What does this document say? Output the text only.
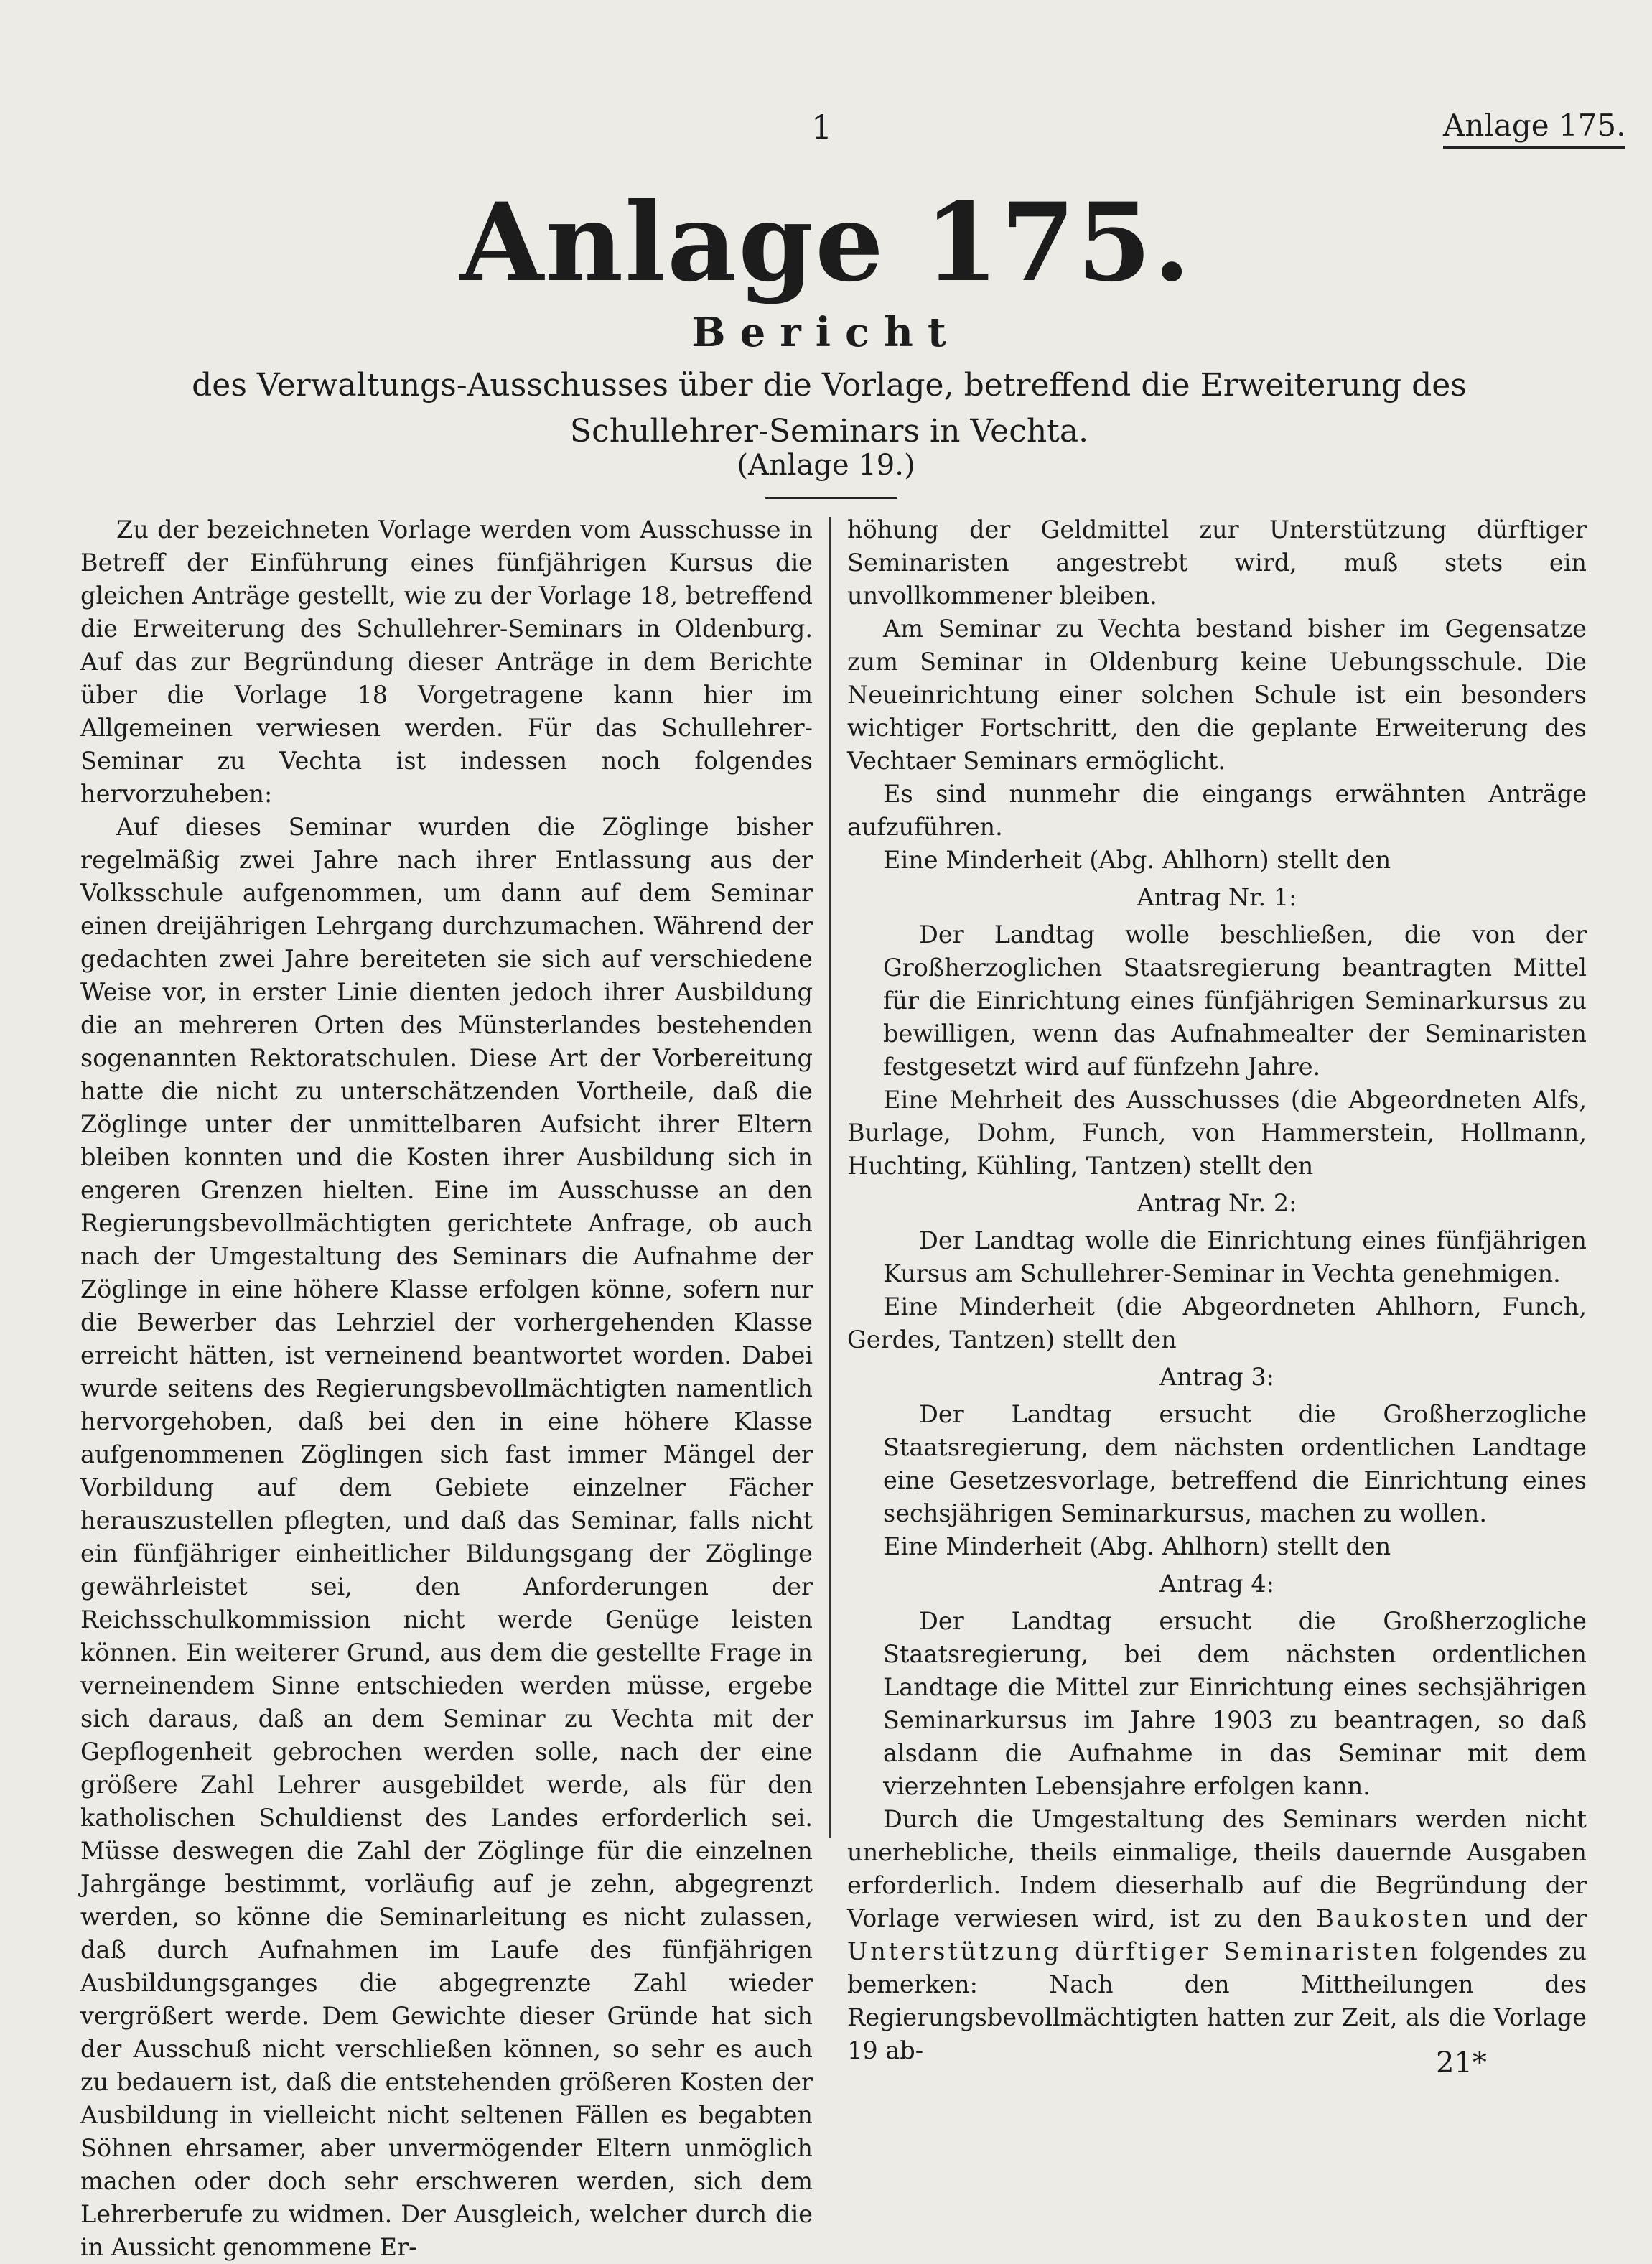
1	Anlage 175.
Anlage 175.
Bericht
des Verwaltungs-Ausschusses über die Vorlage, betreffend die Erweiterung des Schullehrer-Seminars in Vechta.
(Anlage 19.)

Zu der bezeichneten Vorlage werden vom Ausschusse in Betreff der Einführung eines fünfjährigen Kursus die gleichen Anträge gestellt, wie zu der Vorlage 18, betreffend die Erweiterung des Schullehrer-Seminars in Oldenburg. Auf das zur Begründung dieser Anträge in dem Berichte über die Vorlage 18 Vorgetragene kann hier im Allgemeinen verwiesen werden. Für das Schullehrer-Seminar zu Vechta ist indessen noch folgendes hervorzuheben:

Auf dieses Seminar wurden die Zöglinge bisher regelmäßig zwei Jahre nach ihrer Entlassung aus der Volksschule aufgenommen, um dann auf dem Seminar einen dreijährigen Lehrgang durchzumachen. Während der gedachten zwei Jahre bereiteten sie sich auf verschiedene Weise vor, in erster Linie dienten jedoch ihrer Ausbildung die an mehreren Orten des Münsterlandes bestehenden sogenannten Rektoratschulen. Diese Art der Vorbereitung hatte die nicht zu unterschätzenden Vortheile, daß die Zöglinge unter der unmittelbaren Aufsicht ihrer Eltern bleiben konnten und die Kosten ihrer Ausbildung sich in engeren Grenzen hielten. Eine im Ausschusse an den Regierungsbevollmächtigten gerichtete Anfrage, ob auch nach der Umgestaltung des Seminars die Aufnahme der Zöglinge in eine höhere Klasse erfolgen könne, sofern nur die Bewerber das Lehrziel der vorhergehenden Klasse erreicht hätten, ist verneinend beantwortet worden. Dabei wurde seitens des Regierungsbevollmächtigten namentlich hervorgehoben, daß bei den in eine höhere Klasse aufgenommenen Zöglingen sich fast immer Mängel der Vorbildung auf dem Gebiete einzelner Fächer herauszustellen pflegten, und daß das Seminar, falls nicht ein fünfjähriger einheitlicher Bildungsgang der Zöglinge gewährleistet sei, den Anforderungen der Reichsschulkommission nicht werde Genüge leisten können. Ein weiterer Grund, aus dem die gestellte Frage in verneinendem Sinne entschieden werden müsse, ergebe sich daraus, daß an dem Seminar zu Vechta mit der Gepflogenheit gebrochen werden solle, nach der eine größere Zahl Lehrer ausgebildet werde, als für den katholischen Schuldienst des Landes erforderlich sei. Müsse deswegen die Zahl der Zöglinge für die einzelnen Jahrgänge bestimmt, vorläufig auf je zehn, abgegrenzt werden, so könne die Seminarleitung es nicht zulassen, daß durch Aufnahmen im Laufe des fünfjährigen Ausbildungsganges die abgegrenzte Zahl wieder vergrößert werde. Dem Gewichte dieser Gründe hat sich der Ausschuß nicht verschließen können, so sehr es auch zu bedauern ist, daß die entstehenden größeren Kosten der Ausbildung in vielleicht nicht seltenen Fällen es begabten Söhnen ehrsamer, aber unvermögender Eltern unmöglich machen oder doch sehr erschweren werden, sich dem Lehrerberufe zu widmen. Der Ausgleich, welcher durch die in Aussicht genommene Er-

höhung der Geldmittel zur Unterstützung dürftiger Seminaristen angestrebt wird, muß stets ein unvollkommener bleiben.

Am Seminar zu Vechta bestand bisher im Gegensatze zum Seminar in Oldenburg keine Uebungsschule. Die Neueinrichtung einer solchen Schule ist ein besonders wichtiger Fortschritt, den die geplante Erweiterung des Vechtaer Seminars ermöglicht.

Es sind nunmehr die eingangs erwähnten Anträge aufzuführen.

Eine Minderheit (Abg. Ahlhorn) stellt den

Antrag Nr. 1:

Der Landtag wolle beschließen, die von der Großherzoglichen Staatsregierung beantragten Mittel für die Einrichtung eines fünfjährigen Seminarkursus zu bewilligen, wenn das Aufnahmealter der Seminaristen festgesetzt wird auf fünfzehn Jahre.

Eine Mehrheit des Ausschusses (die Abgeordneten Alfs, Burlage, Dohm, Funch, von Hammerstein, Hollmann, Huchting, Kühling, Tantzen) stellt den

Antrag Nr. 2:

Der Landtag wolle die Einrichtung eines fünfjährigen Kursus am Schullehrer-Seminar in Vechta genehmigen.

Eine Minderheit (die Abgeordneten Ahlhorn, Funch, Gerdes, Tantzen) stellt den

Antrag 3:

Der Landtag ersucht die Großherzogliche Staatsregierung, dem nächsten ordentlichen Landtage eine Gesetzesvorlage, betreffend die Einrichtung eines sechsjährigen Seminarkursus, machen zu wollen.

Eine Minderheit (Abg. Ahlhorn) stellt den

Antrag 4:

Der Landtag ersucht die Großherzogliche Staatsregierung, bei dem nächsten ordentlichen Landtage die Mittel zur Einrichtung eines sechsjährigen Seminarkursus im Jahre 1903 zu beantragen, so daß alsdann die Aufnahme in das Seminar mit dem vierzehnten Lebensjahre erfolgen kann.

Durch die Umgestaltung des Seminars werden nicht unerhebliche, theils einmalige, theils dauernde Ausgaben erforderlich. Indem dieserhalb auf die Begründung der Vorlage verwiesen wird, ist zu den Baukosten und der Unterstützung dürftiger Seminaristen folgendes zu bemerken: Nach den Mittheilungen des Regierungsbevollmächtigten hatten zur Zeit, als die Vorlage 19 ab-	21*
